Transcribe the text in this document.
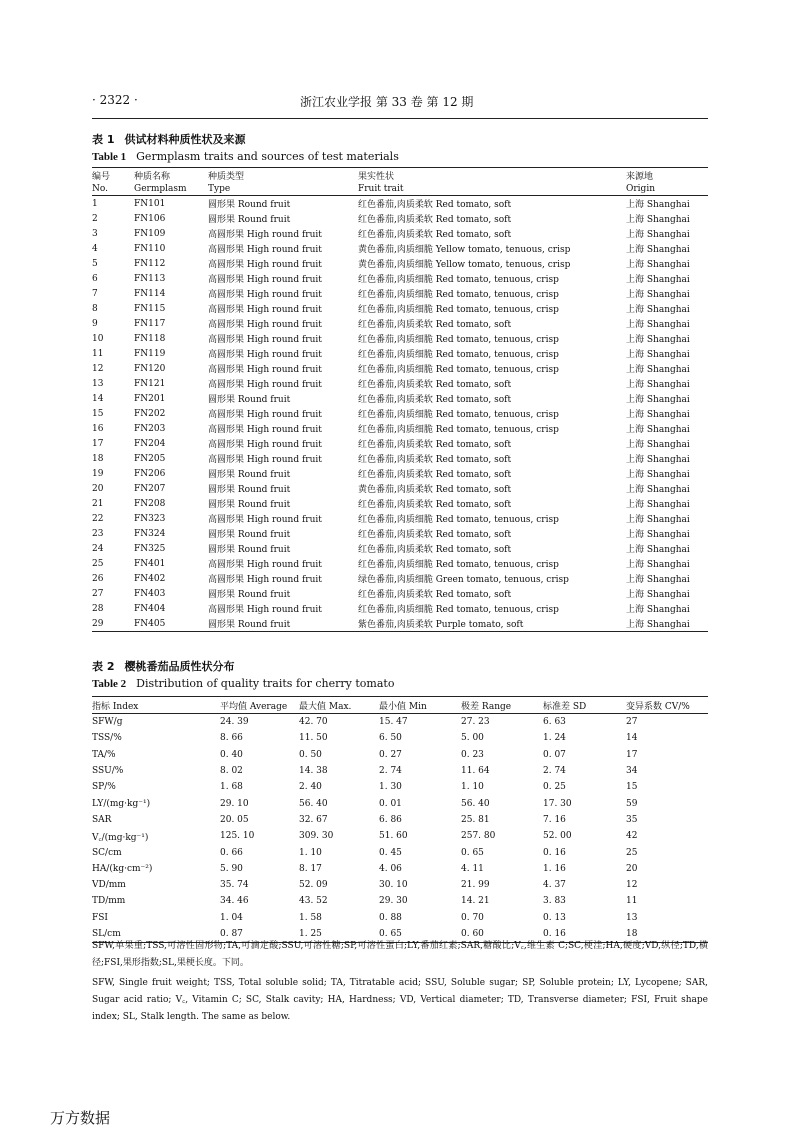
· 2322 ·	浙江农业学报 第 33 卷 第 12 期
表 1 供试材料种质性状及来源
Table 1 Germplasm traits and sources of test materials
编号	种质名称	种质类型	果实性状	来源地
No.	Germplasm	Type	Fruit trait	Origin
1	FN101	圆形果 Round fruit	红色番茄,肉质柔软 Red tomato, soft	上海 Shanghai
2	FN106	圆形果 Round fruit	红色番茄,肉质柔软 Red tomato, soft	上海 Shanghai
3	FN109	高圆形果 High round fruit	红色番茄,肉质柔软 Red tomato, soft	上海 Shanghai
4	FN110	高圆形果 High round fruit	黄色番茄,肉质细脆 Yellow tomato, tenuous, crisp	上海 Shanghai
5	FN112	高圆形果 High round fruit	黄色番茄,肉质细脆 Yellow tomato, tenuous, crisp	上海 Shanghai
6	FN113	高圆形果 High round fruit	红色番茄,肉质细脆 Red tomato, tenuous, crisp	上海 Shanghai
7	FN114	高圆形果 High round fruit	红色番茄,肉质细脆 Red tomato, tenuous, crisp	上海 Shanghai
8	FN115	高圆形果 High round fruit	红色番茄,肉质细脆 Red tomato, tenuous, crisp	上海 Shanghai
9	FN117	高圆形果 High round fruit	红色番茄,肉质柔软 Red tomato, soft	上海 Shanghai
10	FN118	高圆形果 High round fruit	红色番茄,肉质细脆 Red tomato, tenuous, crisp	上海 Shanghai
11	FN119	高圆形果 High round fruit	红色番茄,肉质细脆 Red tomato, tenuous, crisp	上海 Shanghai
12	FN120	高圆形果 High round fruit	红色番茄,肉质细脆 Red tomato, tenuous, crisp	上海 Shanghai
13	FN121	高圆形果 High round fruit	红色番茄,肉质柔软 Red tomato, soft	上海 Shanghai
14	FN201	圆形果 Round fruit	红色番茄,肉质柔软 Red tomato, soft	上海 Shanghai
15	FN202	高圆形果 High round fruit	红色番茄,肉质细脆 Red tomato, tenuous, crisp	上海 Shanghai
16	FN203	高圆形果 High round fruit	红色番茄,肉质细脆 Red tomato, tenuous, crisp	上海 Shanghai
17	FN204	高圆形果 High round fruit	红色番茄,肉质柔软 Red tomato, soft	上海 Shanghai
18	FN205	高圆形果 High round fruit	红色番茄,肉质柔软 Red tomato, soft	上海 Shanghai
19	FN206	圆形果 Round fruit	红色番茄,肉质柔软 Red tomato, soft	上海 Shanghai
20	FN207	圆形果 Round fruit	黄色番茄,肉质柔软 Red tomato, soft	上海 Shanghai
21	FN208	圆形果 Round fruit	红色番茄,肉质柔软 Red tomato, soft	上海 Shanghai
22	FN323	高圆形果 High round fruit	红色番茄,肉质细脆 Red tomato, tenuous, crisp	上海 Shanghai
23	FN324	圆形果 Round fruit	红色番茄,肉质柔软 Red tomato, soft	上海 Shanghai
24	FN325	圆形果 Round fruit	红色番茄,肉质柔软 Red tomato, soft	上海 Shanghai
25	FN401	高圆形果 High round fruit	红色番茄,肉质细脆 Red tomato, tenuous, crisp	上海 Shanghai
26	FN402	高圆形果 High round fruit	绿色番茄,肉质细脆 Green tomato, tenuous, crisp	上海 Shanghai
27	FN403	圆形果 Round fruit	红色番茄,肉质柔软 Red tomato, soft	上海 Shanghai
28	FN404	高圆形果 High round fruit	红色番茄,肉质细脆 Red tomato, tenuous, crisp	上海 Shanghai
29	FN405	圆形果 Round fruit	紫色番茄,肉质柔软 Purple tomato, soft	上海 Shanghai
表 2 樱桃番茄品质性状分布
Table 2 Distribution of quality traits for cherry tomato
指标 Index	平均值 Average	最大值 Max.	最小值 Min	极差 Range	标准差 SD	变异系数 CV/%
SFW/g	24. 39	42. 70	15. 47	27. 23	6. 63	27
TSS/%	8. 66	11. 50	6. 50	5. 00	1. 24	14
TA/%	0. 40	0. 50	0. 27	0. 23	0. 07	17
SSU/%	8. 02	14. 38	2. 74	11. 64	2. 74	34
SP/%	1. 68	2. 40	1. 30	1. 10	0. 25	15
LY/(mg·kg⁻¹)	29. 10	56. 40	0. 01	56. 40	17. 30	59
SAR	20. 05	32. 67	6. 86	25. 81	7. 16	35
V꜀/(mg·kg⁻¹)	125. 10	309. 30	51. 60	257. 80	52. 00	42
SC/cm	0. 66	1. 10	0. 45	0. 65	0. 16	25
HA/(kg·cm⁻²)	5. 90	8. 17	4. 06	4. 11	1. 16	20
VD/mm	35. 74	52. 09	30. 10	21. 99	4. 37	12
TD/mm	34. 46	43. 52	29. 30	14. 21	3. 83	11
FSI	1. 04	1. 58	0. 88	0. 70	0. 13	13
SL/cm	0. 87	1. 25	0. 65	0. 60	0. 16	18
SFW,单果重;TSS,可溶性固形物;TA,可滴定酸;SSU,可溶性糖;SP,可溶性蛋白;LY,番茄红素;SAR,糖酸比;V꜀,维生素 C;SC,梗洼;HA,硬度;VD,纵径;TD,横径;FSI,果形指数;SL,果梗长度。下同。
SFW, Single fruit weight; TSS, Total soluble solid; TA, Titratable acid; SSU, Soluble sugar; SP, Soluble protein; LY, Lycopene; SAR, Sugar acid ratio; V꜀, Vitamin C; SC, Stalk cavity; HA, Hardness; VD, Vertical diameter; TD, Transverse diameter; FSI, Fruit shape index; SL, Stalk length. The same as below.
万方数据
